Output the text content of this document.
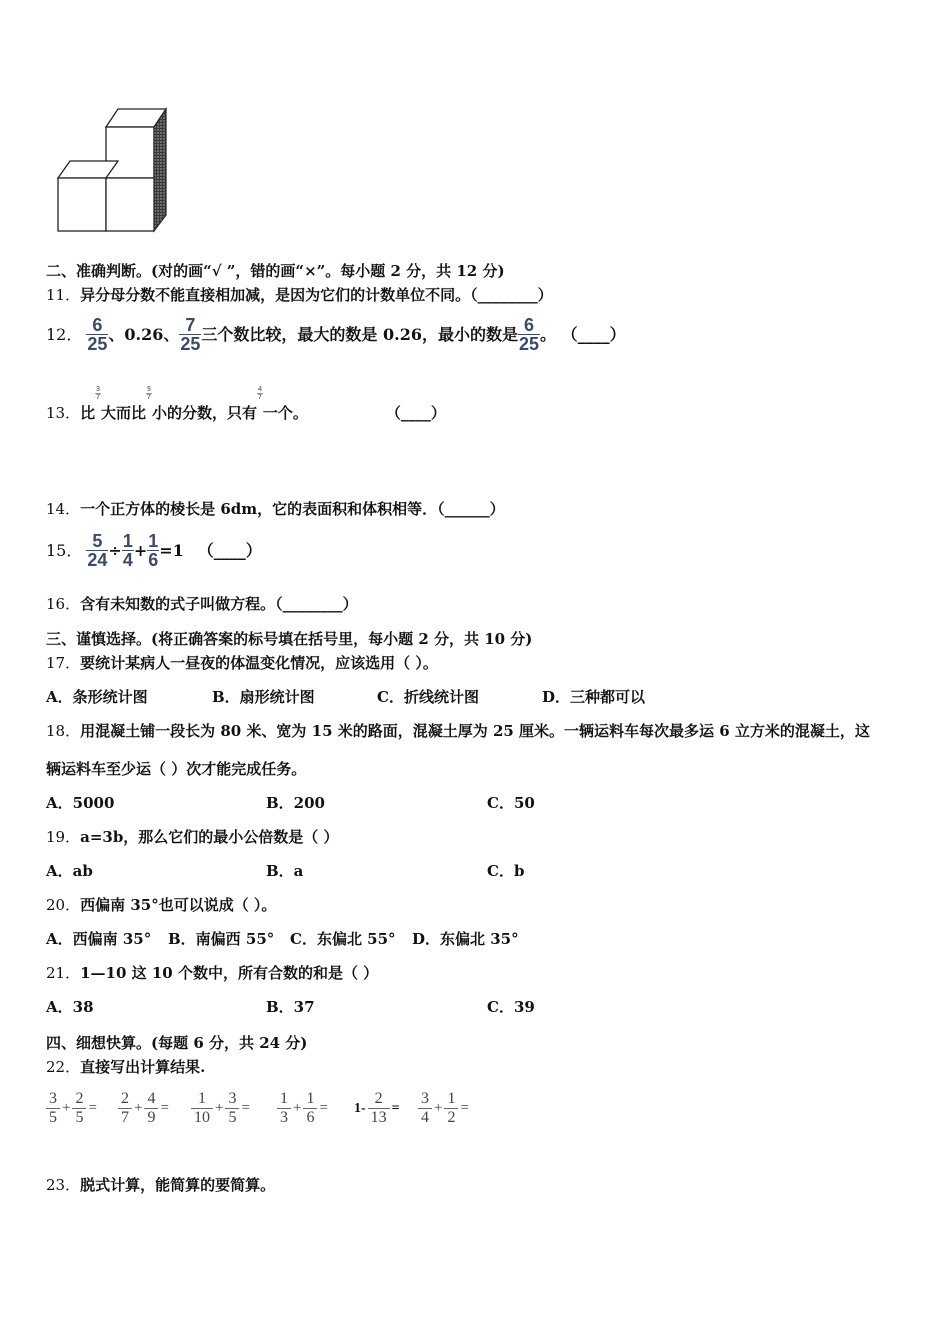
二、准确判断。(对的画“√ ”，错的画“×”。每小题 2 分，共 12 分)
11．异分母分数不能直接相加减，是因为它们的计数单位不同。（________）
12． $\frac{6}{25}$ 、0.26、 $\frac{7}{25}$ 三个数比较，最大的数是 0.26，最小的数是 $\frac{6}{25}$ 。 （____）
13． 比
$\frac{3}{7}$
大而比
$\frac{5}{7}$
小的分数，只有
$\frac{4}{7}$
一个。	（____）
14．一个正方体的棱长是 6dm，它的表面积和体积相等．（______）
15． $\frac{5}{24} \div \frac{1}{4} + \frac{1}{6} =1$ （____）
16．含有未知数的式子叫做方程。（________）
三、谨慎选择。(将正确答案的标号填在括号里，每小题 2 分，共 10 分)
17．要统计某病人一昼夜的体温变化情况，应该选用（ ）。
A．条形统计图	B．扇形统计图	C．折线统计图	D．三种都可以
18．用混凝土铺一段长为 80 米、宽为 15 米的路面，混凝土厚为 25 厘米。一辆运料车每次最多运 6 立方米的混凝土，这
辆运料车至少运（ ）次才能完成任务。
A．5000	B．200	C．50
19．a=3b，那么它们的最小公倍数是（ ）
A．ab	B．a	C．b
20．西偏南 35°也可以说成（ ）。
A．西偏南 35° B．南偏西 55° C．东偏北 55° D．东偏北 35°
21．1—10 这 10 个数中，所有合数的和是（ ）
A．38	B．37	C．39
四、细想快算。(每题 6 分，共 24 分)
22．直接写出计算结果.
$\frac{3}{5} + \frac{2}{5} = \frac{2}{7} + \frac{4}{9} = \frac{1}{10} + \frac{3}{5} = \frac{1}{3} + \frac{1}{6} = 1- \frac{2}{13} = \frac{3}{4} + \frac{1}{2}$ =
23．脱式计算，能简算的要简算。
